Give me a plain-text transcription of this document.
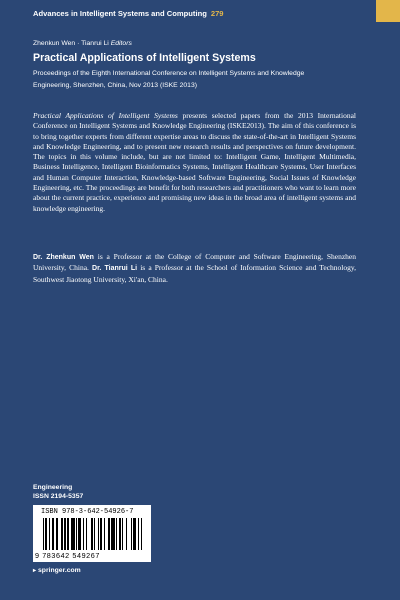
Advances in Intelligent Systems and Computing 279
Zhenkun Wen · Tianrui Li Editors
Practical Applications of Intelligent Systems
Proceedings of the Eighth International Conference on Intelligent Systems and Knowledge
Engineering, Shenzhen, China, Nov 2013 (ISKE 2013)

Practical Applications of Intelligent Systems presents selected papers from the 2013 International Conference on Intelligent Systems and Knowledge Engineering (ISKE2013). The aim of this conference is to bring together experts from different expertise areas to discuss the state-of-the-art in Intelligent Systems and Knowledge Engineering, and to present new research results and perspectives on future development. The topics in this volume include, but are not limited to: Intelligent Game, Intelligent Multimedia, Business Intelligence, Intelligent Bioinformatics Systems, Intelligent Healthcare Systems, User Interfaces and Human Computer Interaction, Knowledge-based Software Engineering, Social Issues of Knowledge Engineering, etc. The proceedings are benefit for both researchers and practitioners who want to learn more about the current practice, experience and promising new ideas in the broad area of intelligent systems and knowledge engineering.

Dr. Zhenkun Wen is a Professor at the College of Computer and Software Engineering, Shenzhen University, China. Dr. Tianrui Li is a Professor at the School of Information Science and Technology, Southwest Jiaotong University, Xi'an, China.

Engineering
ISSN 2194-5357
ISBN 978-3-642-54926-7
9 783642 549267
▸ springer.com
